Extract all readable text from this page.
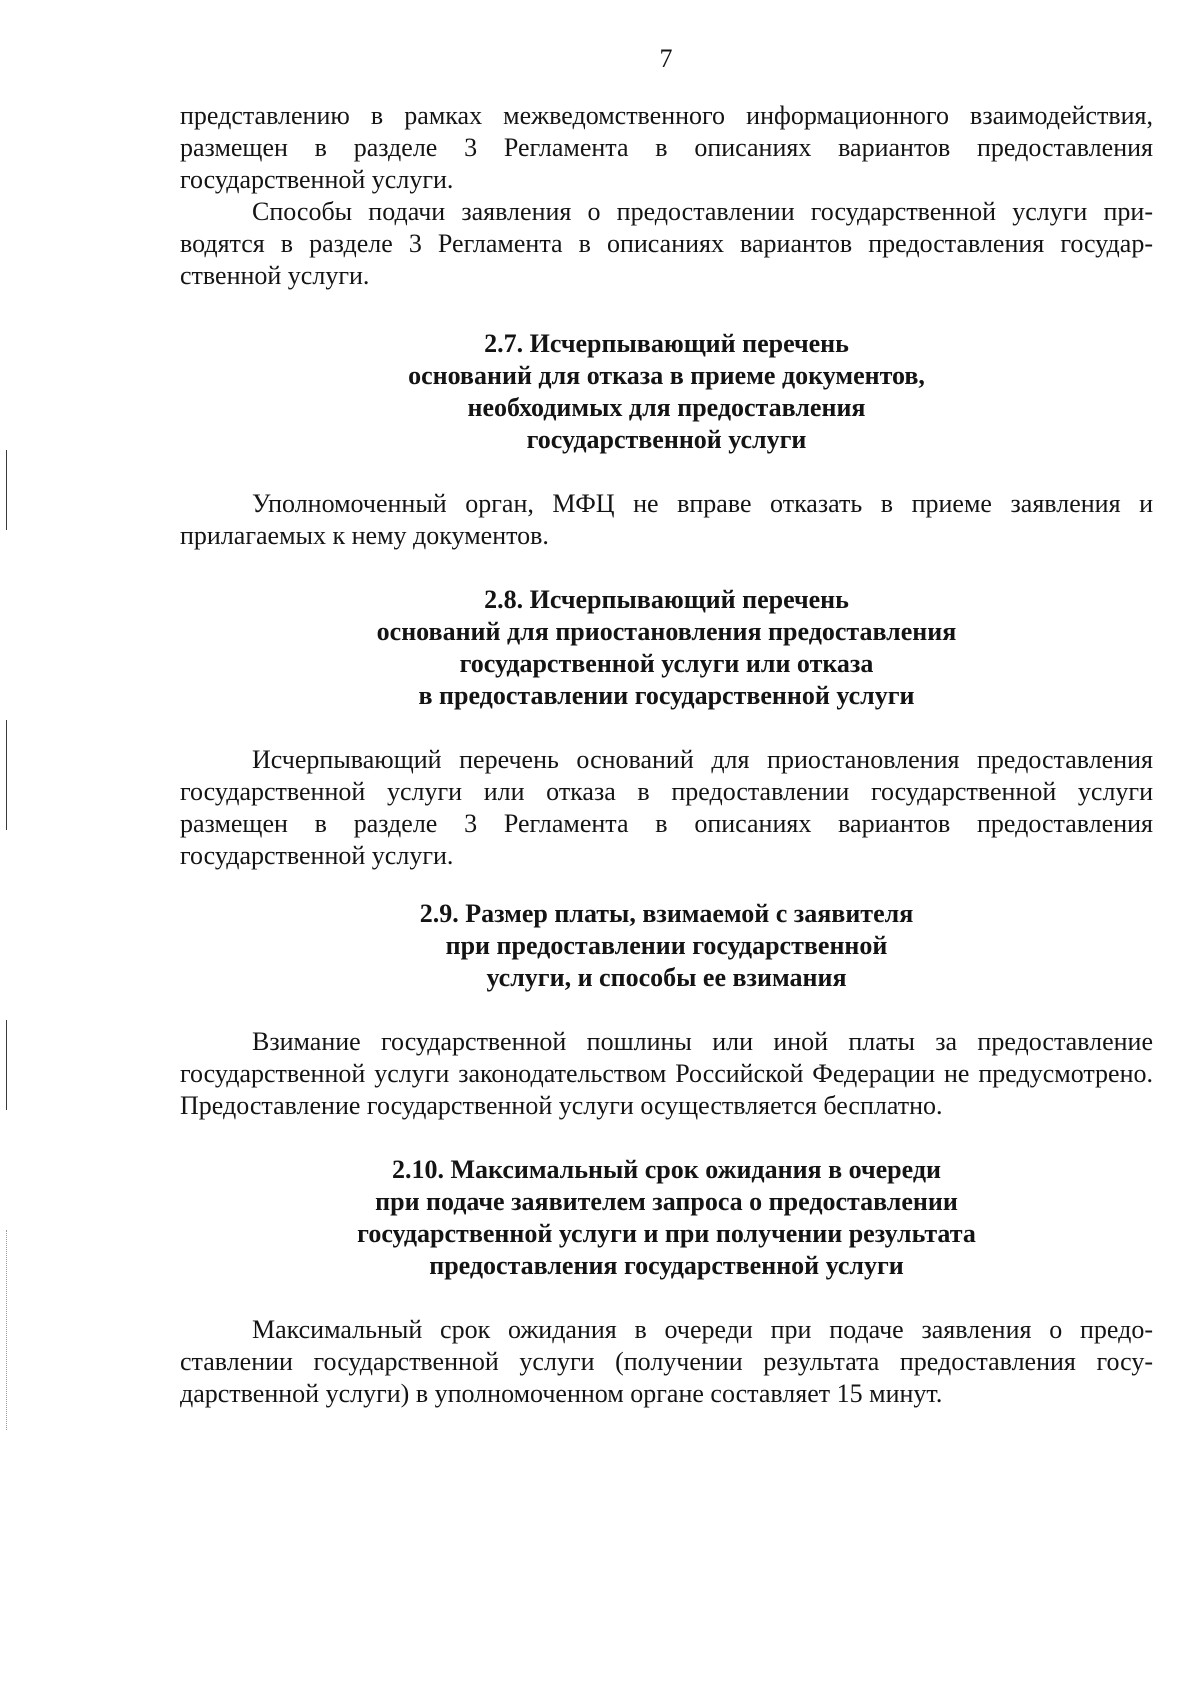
7

представлению в рамках межведомственного информационного взаимодействия, размещен в разделе 3 Регламента в описаниях вариантов предоставления государственной услуги.

Способы подачи заявления о предоставлении государственной услуги приводятся в разделе 3 Регламента в описаниях вариантов предоставления государственной услуги.

2.7. Исчерпывающий перечень
оснований для отказа в приеме документов,
необходимых для предоставления
государственной услуги

Уполномоченный орган, МФЦ не вправе отказать в приеме заявления и прилагаемых к нему документов.

2.8. Исчерпывающий перечень
оснований для приостановления предоставления
государственной услуги или отказа
в предоставлении государственной услуги

Исчерпывающий перечень оснований для приостановления предоставления государственной услуги или отказа в предоставлении государственной услуги размещен в разделе 3 Регламента в описаниях вариантов предоставления государственной услуги.

2.9. Размер платы, взимаемой с заявителя
при предоставлении государственной
услуги, и способы ее взимания

Взимание государственной пошлины или иной платы за предоставление государственной услуги законодательством Российской Федерации не предусмотрено. Предоставление государственной услуги осуществляется бесплатно.

2.10. Максимальный срок ожидания в очереди
при подаче заявителем запроса о предоставлении
государственной услуги и при получении результата
предоставления государственной услуги

Максимальный срок ожидания в очереди при подаче заявления о предоставлении государственной услуги (получении результата предоставления государственной услуги) в уполномоченном органе составляет 15 минут.
